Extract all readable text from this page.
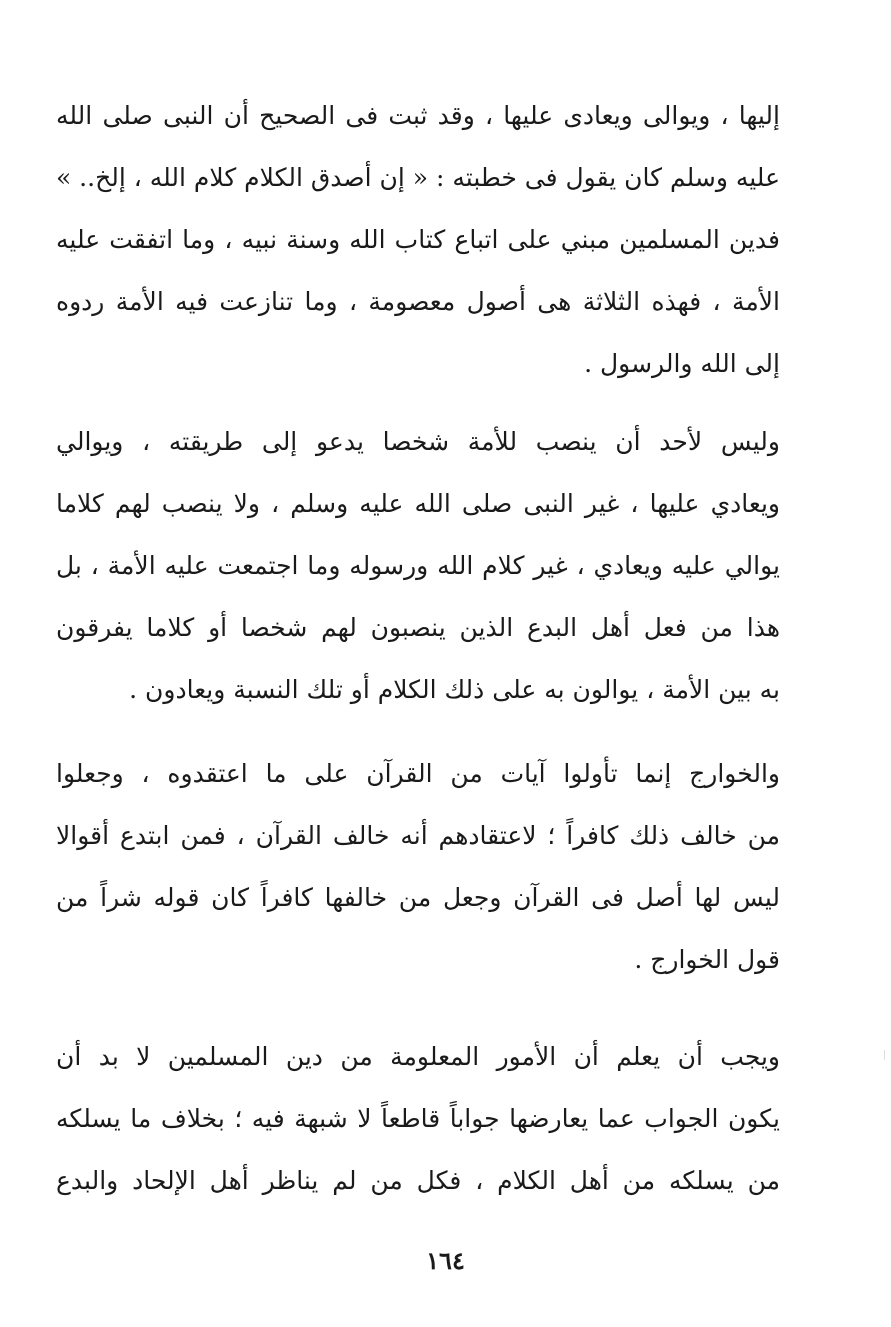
إليها ، ويوالى ويعادى عليها ، وقد ثبت فى الصحيح أن النبى صلى الله
عليه وسلم كان يقول فى خطبته : « إن أصدق الكلام كلام الله ، إلخ.. »
فدين المسلمين مبني على اتباع كتاب الله وسنة نبيه ، وما اتفقت عليه
الأمة ، فهذه الثلاثة هى أصول معصومة ، وما تنازعت فيه الأمة ردوه
إلى الله والرسول .
وليس لأحد أن ينصب للأمة شخصا يدعو إلى طريقته ، ويوالي
ويعادي عليها ، غير النبى صلى الله عليه وسلم ، ولا ينصب لهم كلاما
يوالي عليه ويعادي ، غير كلام الله ورسوله وما اجتمعت عليه الأمة ، بل
هذا من فعل أهل البدع الذين ينصبون لهم شخصا أو كلاما يفرقون
به بين الأمة ، يوالون به على ذلك الكلام أو تلك النسبة ويعادون .
والخوارج إنما تأولوا آيات من القرآن على ما اعتقدوه ، وجعلوا
من خالف ذلك كافراً ؛ لاعتقادهم أنه خالف القرآن ، فمن ابتدع أقوالا
ليس لها أصل فى القرآن وجعل من خالفها كافراً كان قوله شراً من
قول الخوارج .
ويجب أن يعلم أن الأمور المعلومة من دين المسلمين لا بد أن
يكون الجواب عما يعارضها جواباً قاطعاً لا شبهة فيه ؛ بخلاف ما يسلكه
من يسلكه من أهل الكلام ، فكل من لم يناظر أهل الإلحاد والبدع
١٦٤
